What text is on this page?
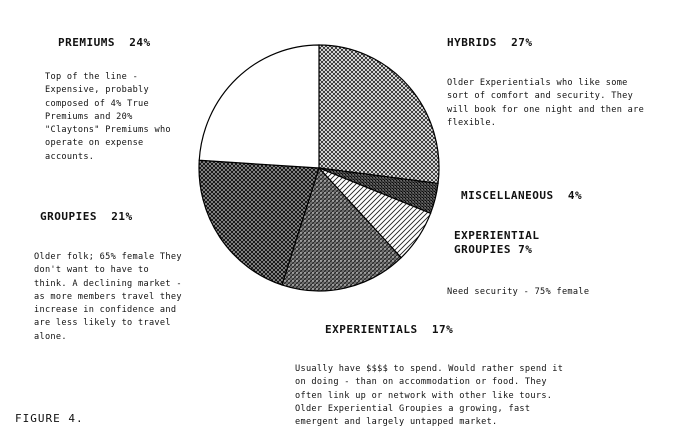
PREMIUMS 24%

Top of the line - Expensive, probably composed of 4% True Premiums and 20% "Claytons" Premiums who operate on expense accounts.

HYBRIDS 27%

Older Experientials who like some sort of comfort and security. They will book for one night and then are flexible.

MISCELLANEOUS 4%

EXPERIENTIAL GROUPIES 7%

Need security - 75% female

GROUPIES 21%

Older folk; 65% female They don't want to have to think. A declining market - as more members travel they increase in confidence and are less likely to travel alone.

EXPERIENTIALS 17%

Usually have $$$$ to spend. Would rather spend it on doing - than on accommodation or food. They often link up or network with other like tours. Older Experiential Groupies a growing, fast emergent and largely untapped market.

FIGURE 4.
